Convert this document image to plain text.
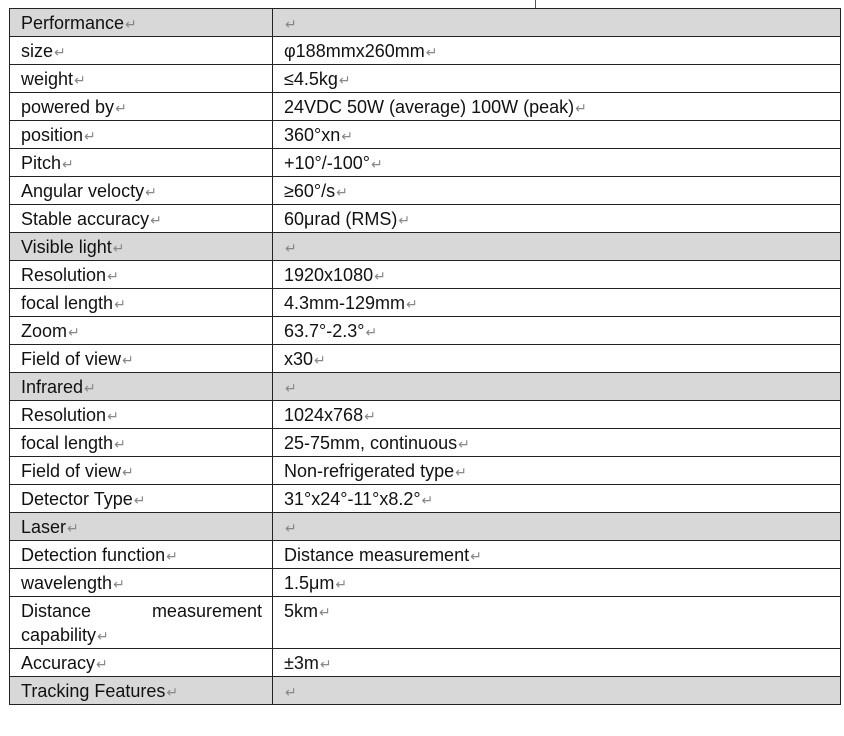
Performance↵	↵
size↵	φ188mmx260mm↵
weight↵	≤4.5kg↵
powered by↵	24VDC 50W (average) 100W (peak)↵
position↵	360°xn↵
Pitch↵	+10°/-100°↵
Angular velocty↵	≥60°/s↵
Stable accuracy↵	60μrad (RMS)↵
Visible light↵	↵
Resolution↵	1920x1080↵
focal length↵	4.3mm-129mm↵
Zoom↵	63.7°-2.3°↵
Field of view↵	x30↵
Infrared↵	↵
Resolution↵	1024x768↵
focal length↵	25-75mm, continuous↵
Field of view↵	Non-refrigerated type↵
Detector Type↵	31°x24°-11°x8.2°↵
Laser↵	↵
Detection function↵	Distance measurement↵
wavelength↵	1.5μm↵
Distance measurement capability↵	5km↵
Accuracy↵	±3m↵
Tracking Features↵	↵
